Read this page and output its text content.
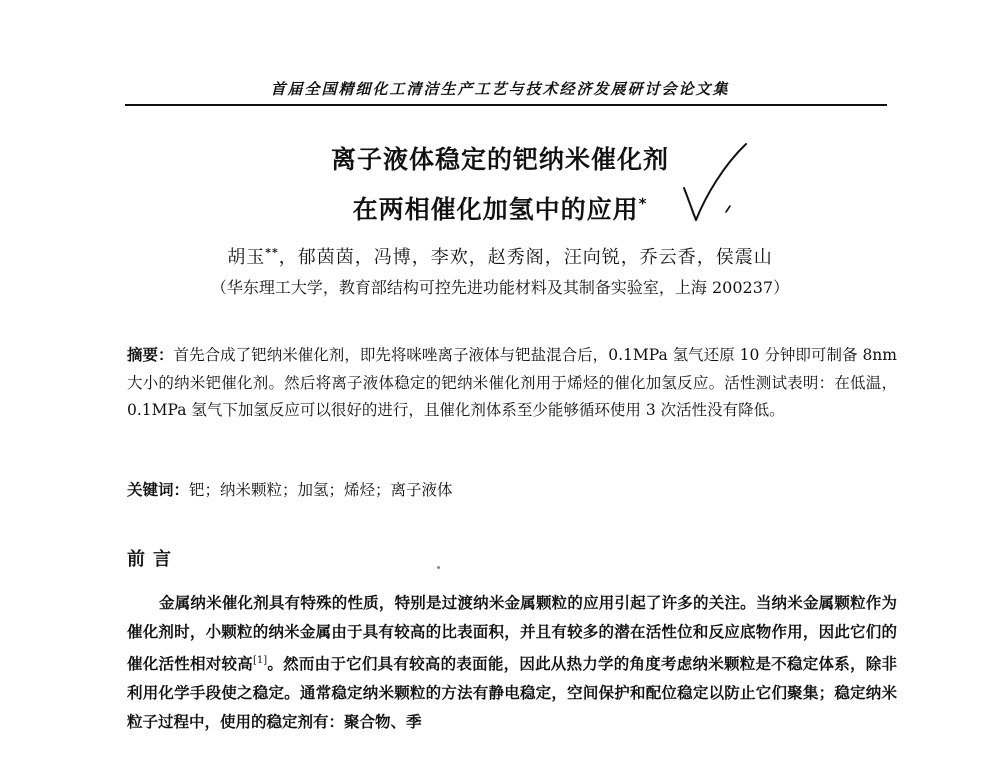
首届全国精细化工清洁生产工艺与技术经济发展研讨会论文集
离子液体稳定的钯纳米催化剂
在两相催化加氢中的应用*
胡玉**，郁茵茵，冯博，李欢，赵秀阁，汪向锐，乔云香，侯震山
（华东理工大学，教育部结构可控先进功能材料及其制备实验室，上海 200237）
摘要：首先合成了钯纳米催化剂，即先将咪唑离子液体与钯盐混合后，0.1MPa 氢气还原 10 分钟即可制备 8nm 大小的纳米钯催化剂。然后将离子液体稳定的钯纳米催化剂用于烯烃的催化加氢反应。活性测试表明：在低温，0.1MPa 氢气下加氢反应可以很好的进行，且催化剂体系至少能够循环使用 3 次活性没有降低。
关键词：钯；纳米颗粒；加氢；烯烃；离子液体
前言
金属纳米催化剂具有特殊的性质，特别是过渡纳米金属颗粒的应用引起了许多的关注。当纳米金属颗粒作为催化剂时，小颗粒的纳米金属由于具有较高的比表面积，并且有较多的潜在活性位和反应底物作用，因此它们的催化活性相对较高[1]。然而由于它们具有较高的表面能，因此从热力学的角度考虑纳米颗粒是不稳定体系，除非利用化学手段使之稳定。通常稳定纳米颗粒的方法有静电稳定，空间保护和配位稳定以防止它们聚集；稳定纳米粒子过程中，使用的稳定剂有：聚合物、季
